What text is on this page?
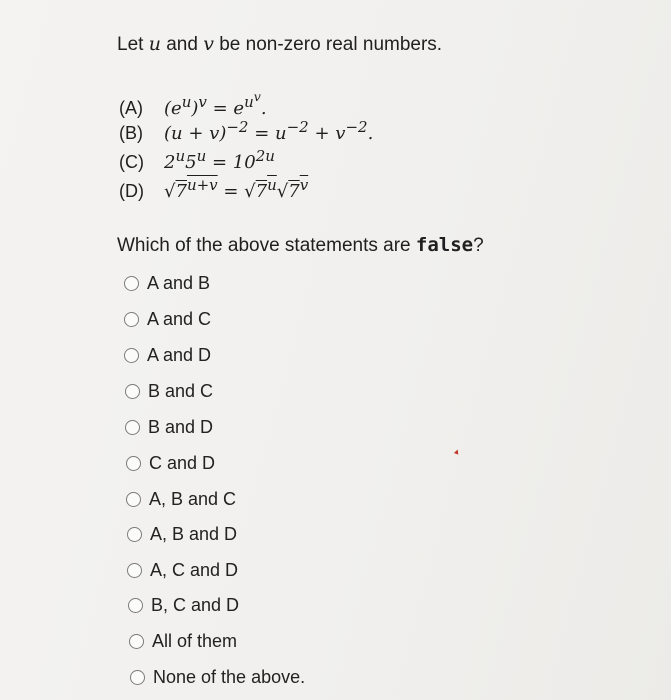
Let u and v be non-zero real numbers.
(A) $(e^u)^v = e^{u^v}$.
(B) $(u + v)^{-2} = u^{-2} + v^{-2}$.
(C) $2^u5^u = 10^{2u}$
(D) $√7^{u+v} = √7^u√7^v$
Which of the above statements are false?
A and B
A and C
A and D
B and C
B and D
C and D
A, B and C
A, B and D
A, C and D
B, C and D
All of them
None of the above.
▲
